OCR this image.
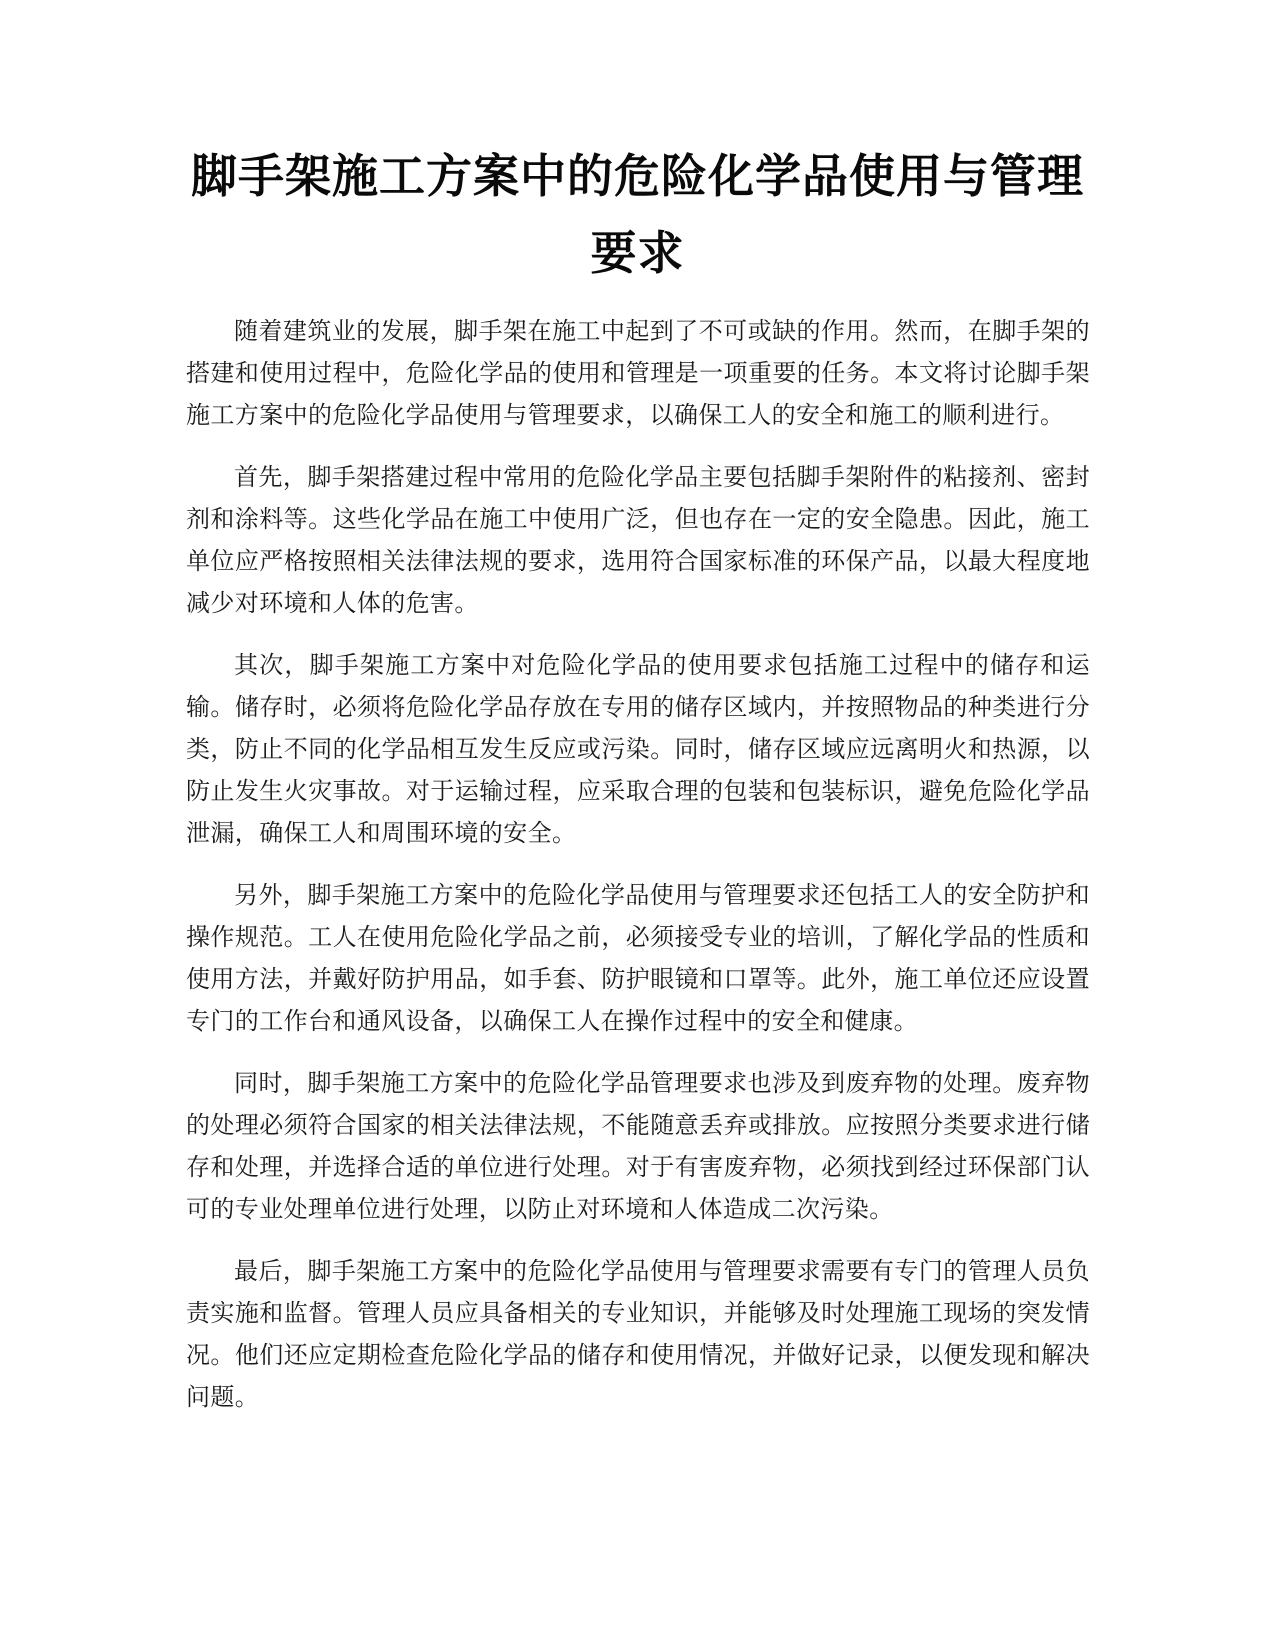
脚手架施工方案中的危险化学品使用与管理要求

随着建筑业的发展，脚手架在施工中起到了不可或缺的作用。然而，在脚手架的搭建和使用过程中，危险化学品的使用和管理是一项重要的任务。本文将讨论脚手架施工方案中的危险化学品使用与管理要求，以确保工人的安全和施工的顺利进行。

首先，脚手架搭建过程中常用的危险化学品主要包括脚手架附件的粘接剂、密封剂和涂料等。这些化学品在施工中使用广泛，但也存在一定的安全隐患。因此，施工单位应严格按照相关法律法规的要求，选用符合国家标准的环保产品，以最大程度地减少对环境和人体的危害。

其次，脚手架施工方案中对危险化学品的使用要求包括施工过程中的储存和运输。储存时，必须将危险化学品存放在专用的储存区域内，并按照物品的种类进行分类，防止不同的化学品相互发生反应或污染。同时，储存区域应远离明火和热源，以防止发生火灾事故。对于运输过程，应采取合理的包装和包装标识，避免危险化学品泄漏，确保工人和周围环境的安全。

另外，脚手架施工方案中的危险化学品使用与管理要求还包括工人的安全防护和操作规范。工人在使用危险化学品之前，必须接受专业的培训，了解化学品的性质和使用方法，并戴好防护用品，如手套、防护眼镜和口罩等。此外，施工单位还应设置专门的工作台和通风设备，以确保工人在操作过程中的安全和健康。

同时，脚手架施工方案中的危险化学品管理要求也涉及到废弃物的处理。废弃物的处理必须符合国家的相关法律法规，不能随意丢弃或排放。应按照分类要求进行储存和处理，并选择合适的单位进行处理。对于有害废弃物，必须找到经过环保部门认可的专业处理单位进行处理，以防止对环境和人体造成二次污染。

最后，脚手架施工方案中的危险化学品使用与管理要求需要有专门的管理人员负责实施和监督。管理人员应具备相关的专业知识，并能够及时处理施工现场的突发情况。他们还应定期检查危险化学品的储存和使用情况，并做好记录，以便发现和解决问题。
